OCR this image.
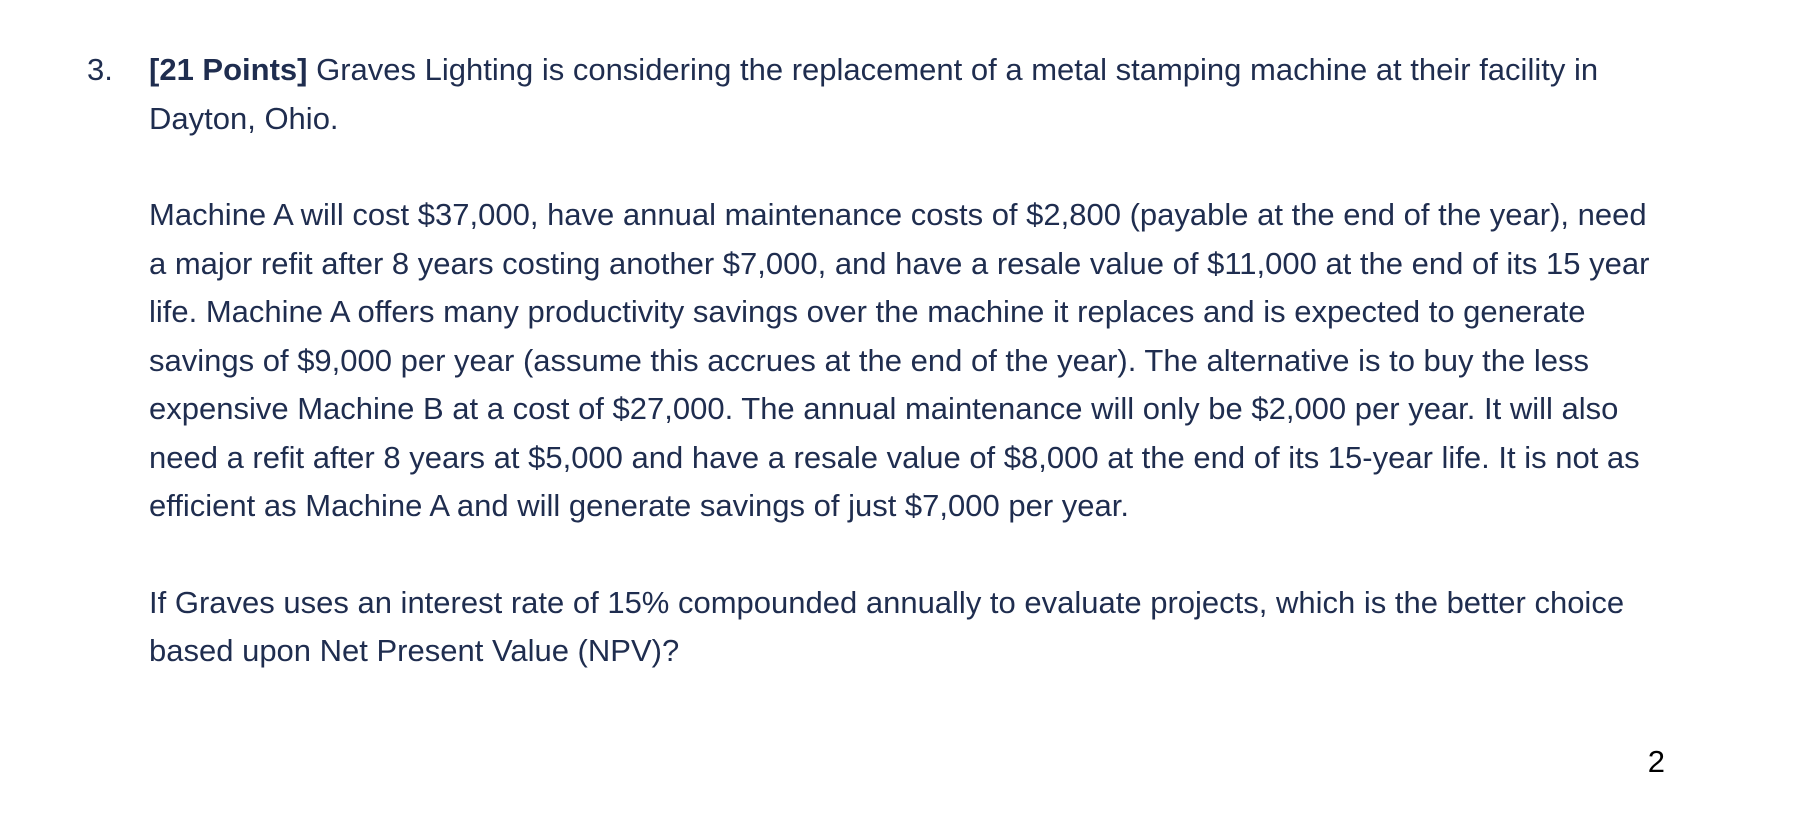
3. [21 Points] Graves Lighting is considering the replacement of a metal stamping machine at their facility in Dayton, Ohio.

Machine A will cost $37,000, have annual maintenance costs of $2,800 (payable at the end of the year), need a major refit after 8 years costing another $7,000, and have a resale value of $11,000 at the end of its 15 year life. Machine A offers many productivity savings over the machine it replaces and is expected to generate savings of $9,000 per year (assume this accrues at the end of the year). The alternative is to buy the less expensive Machine B at a cost of $27,000. The annual maintenance will only be $2,000 per year. It will also need a refit after 8 years at $5,000 and have a resale value of $8,000 at the end of its 15-year life. It is not as efficient as Machine A and will generate savings of just $7,000 per year.

If Graves uses an interest rate of 15% compounded annually to evaluate projects, which is the better choice based upon Net Present Value (NPV)?

2
